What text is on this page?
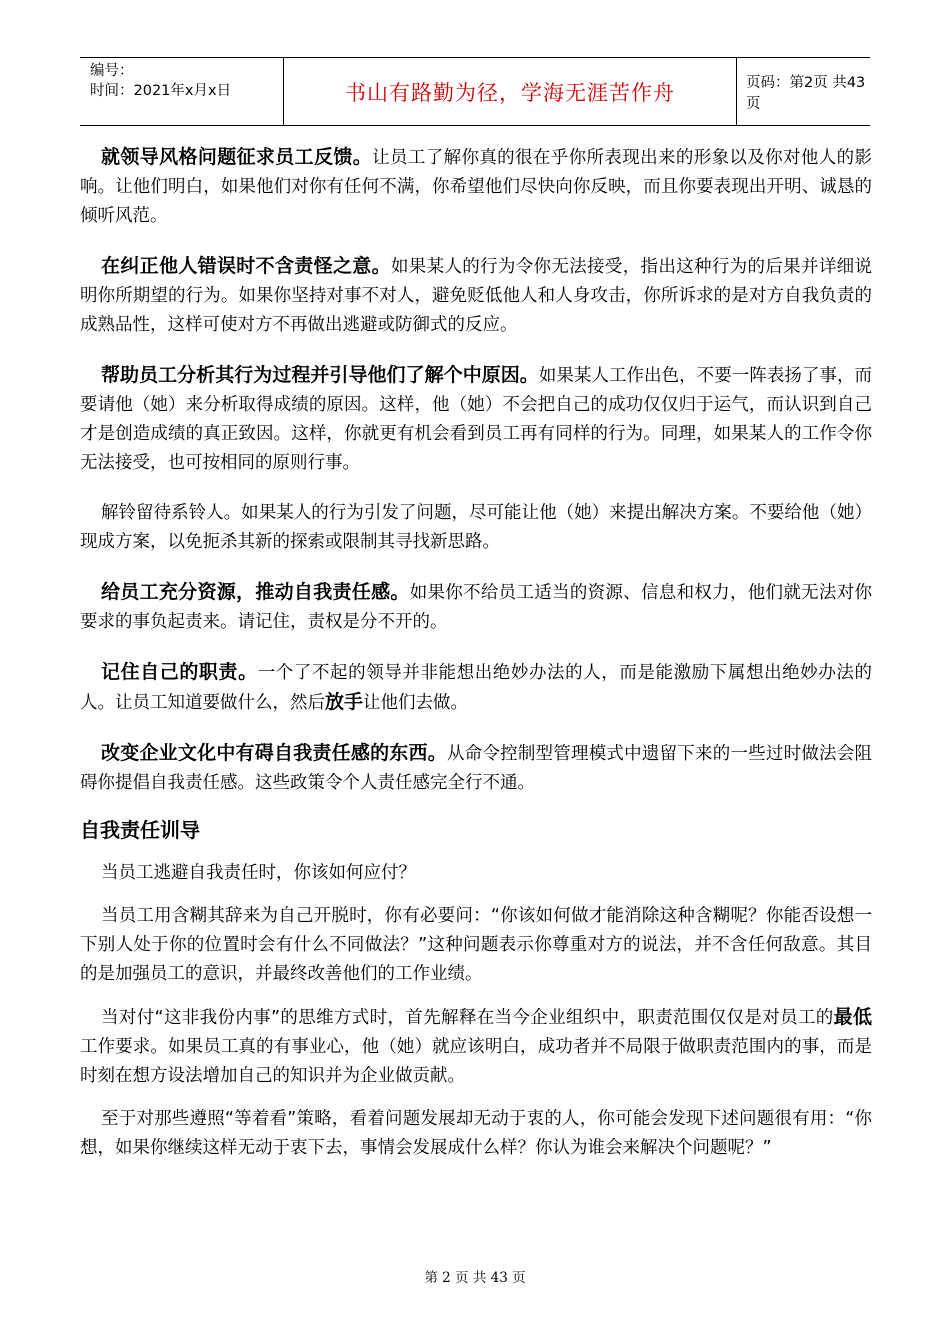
编号：
时间：2021年x月x日	书山有路勤为径，学海无涯苦作舟	页码：第2页 共43页

就领导风格问题征求员工反馈。让员工了解你真的很在乎你所表现出来的形象以及你对他人的影响。让他们明白，如果他们对你有任何不满，你希望他们尽快向你反映，而且你要表现出开明、诚恳的倾听风范。

在纠正他人错误时不含责怪之意。如果某人的行为令你无法接受，指出这种行为的后果并详细说明你所期望的行为。如果你坚持对事不对人，避免贬低他人和人身攻击，你所诉求的是对方自我负责的成熟品性，这样可使对方不再做出逃避或防御式的反应。

帮助员工分析其行为过程并引导他们了解个中原因。如果某人工作出色，不要一阵表扬了事，而要请他（她）来分析取得成绩的原因。这样，他（她）不会把自己的成功仅仅归于运气，而认识到自己才是创造成绩的真正致因。这样，你就更有机会看到员工再有同样的行为。同理，如果某人的工作令你无法接受，也可按相同的原则行事。

解铃留待系铃人。如果某人的行为引发了问题，尽可能让他（她）来提出解决方案。不要给他（她）现成方案，以免扼杀其新的探索或限制其寻找新思路。

给员工充分资源，推动自我责任感。如果你不给员工适当的资源、信息和权力，他们就无法对你要求的事负起责来。请记住，责权是分不开的。

记住自己的职责。一个了不起的领导并非能想出绝妙办法的人，而是能激励下属想出绝妙办法的人。让员工知道要做什么，然后放手让他们去做。

改变企业文化中有碍自我责任感的东西。从命令控制型管理模式中遗留下来的一些过时做法会阻碍你提倡自我责任感。这些政策令个人责任感完全行不通。

自我责任训导

当员工逃避自我责任时，你该如何应付？

当员工用含糊其辞来为自己开脱时，你有必要问：“你该如何做才能消除这种含糊呢？你能否设想一下别人处于你的位置时会有什么不同做法？”这种问题表示你尊重对方的说法，并不含任何敌意。其目的是加强员工的意识，并最终改善他们的工作业绩。

当对付“这非我份内事”的思维方式时，首先解释在当今企业组织中，职责范围仅仅是对员工的最低工作要求。如果员工真的有事业心，他（她）就应该明白，成功者并不局限于做职责范围内的事，而是时刻在想方设法增加自己的知识并为企业做贡献。

至于对那些遵照“等着看”策略，看着问题发展却无动于衷的人，你可能会发现下述问题很有用：“你想，如果你继续这样无动于衷下去，事情会发展成什么样？你认为谁会来解决个问题呢？”

第 2 页 共 43 页
